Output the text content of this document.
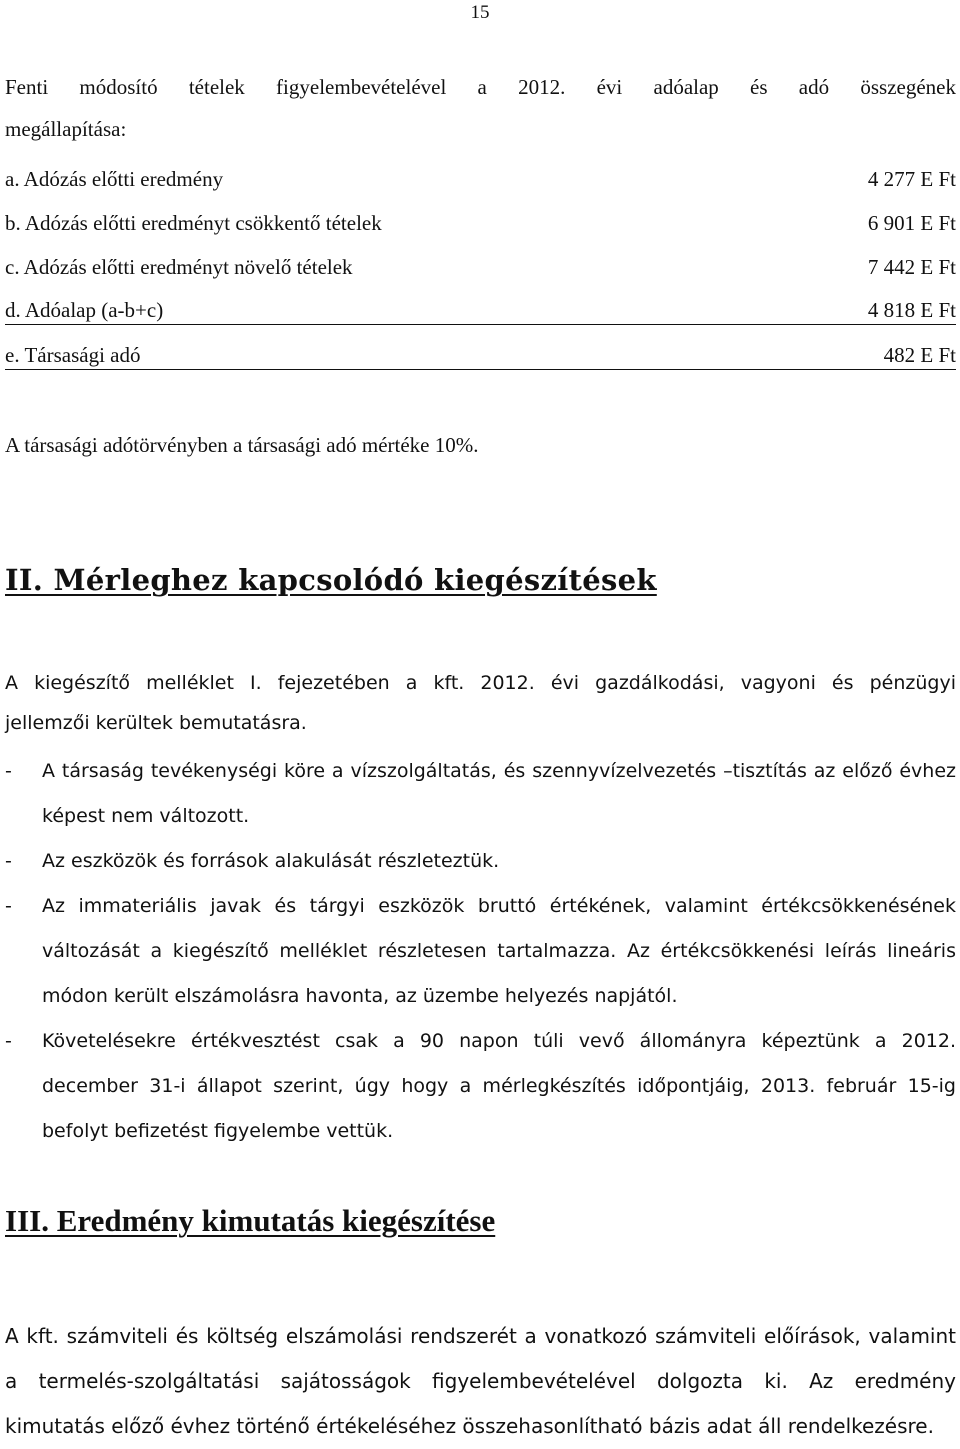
15
Fenti módosító tételek figyelembevételével a 2012. évi adóalap és adó összegének
megállapítása:
a. Adózás előtti eredmény	4 277 E Ft
b. Adózás előtti eredményt csökkentő tételek	6 901 E Ft
c. Adózás előtti eredményt növelő tételek	7 442 E Ft
d. Adóalap (a-b+c)	4 818 E Ft
e. Társasági adó	482 E Ft
A társasági adótörvényben a társasági adó mértéke 10%.
II. Mérleghez kapcsolódó kiegészítések
A kiegészítő melléklet I. fejezetében a kft. 2012. évi gazdálkodási, vagyoni és pénzügyi
jellemzői kerültek bemutatásra.
-	A társaság tevékenységi köre a vízszolgáltatás, és szennyvízelvezetés –tisztítás az előző évhez képest nem változott.
-	Az eszközök és források alakulását részleteztük.
-	Az immateriális javak és tárgyi eszközök bruttó értékének, valamint értékcsökkenésének változását a kiegészítő melléklet részletesen tartalmazza. Az értékcsökkenési leírás lineáris módon került elszámolásra havonta, az üzembe helyezés napjától.
-	Követelésekre értékvesztést csak a 90 napon túli vevő állományra képeztünk a 2012. december 31-i állapot szerint, úgy hogy a mérlegkészítés időpontjáig, 2013. február 15-ig befolyt befizetést figyelembe vettük.
III. Eredmény kimutatás kiegészítése
A kft. számviteli és költség elszámolási rendszerét a vonatkozó számviteli előírások, valamint a termelés-szolgáltatási sajátosságok figyelembevételével dolgozta ki. Az eredmény kimutatás előző évhez történő értékeléséhez összehasonlítható bázis adat áll rendelkezésre.
